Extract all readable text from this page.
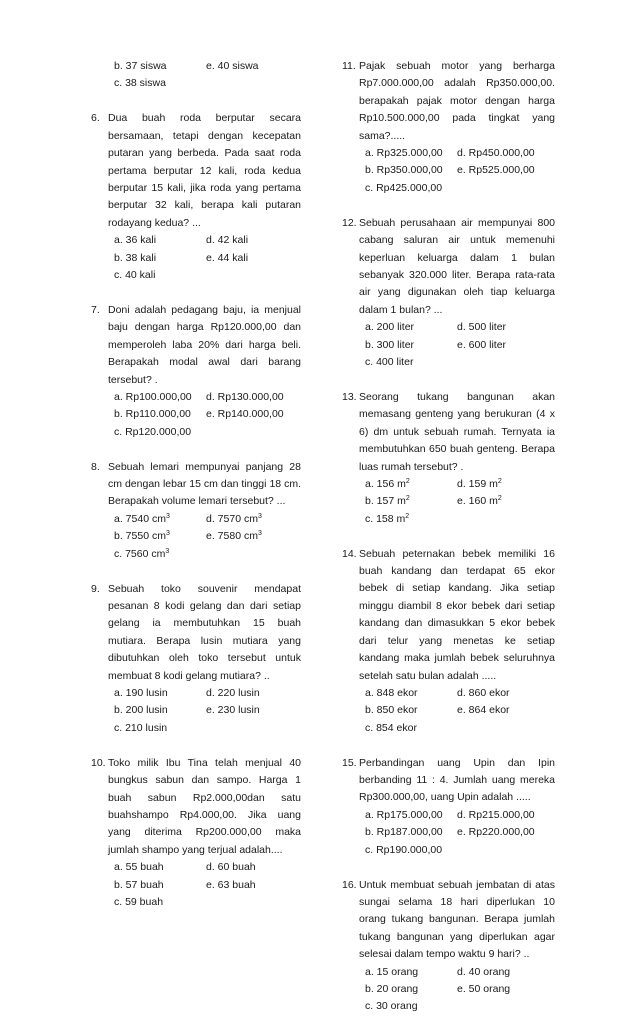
b. 37 siswa	e. 40 siswa
c. 38 siswa
6. Dua buah roda berputar secara bersamaan, tetapi dengan kecepatan putaran yang berbeda. Pada saat roda pertama berputar 12 kali, roda kedua berputar 15 kali, jika roda yang pertama berputar 32 kali, berapa kali putaran rodayang kedua? ...
a. 36 kali	d. 42 kali
b. 38 kali	e. 44 kali
c. 40 kali
7. Doni adalah pedagang baju, ia menjual baju dengan harga Rp120.000,00 dan memperoleh laba 20% dari harga beli. Berapakah modal awal dari barang tersebut? .
a. Rp100.000,00	d. Rp130.000,00
b. Rp110.000,00	e. Rp140.000,00
c. Rp120.000,00
8. Sebuah lemari mempunyai panjang 28 cm dengan lebar 15 cm dan tinggi 18 cm. Berapakah volume lemari tersebut? ...
a. 7540 $cm^3$	d. 7570 $cm^3$
b. 7550 $cm^3$	e. 7580 $cm^3$
c. 7560 $cm^3$
9. Sebuah toko souvenir mendapat pesanan 8 kodi gelang dan dari setiap gelang ia membutuhkan 15 buah mutiara. Berapa lusin mutiara yang dibutuhkan oleh toko tersebut untuk membuat 8 kodi gelang mutiara? ..
a. 190 lusin	d. 220 lusin
b. 200 lusin	e. 230 lusin
c. 210 lusin
10. Toko milik Ibu Tina telah menjual 40 bungkus sabun dan sampo. Harga 1 buah sabun Rp2.000,00dan satu buahshampo Rp4.000,00. Jika uang yang diterima Rp200.000,00 maka jumlah shampo yang terjual adalah....
a. 55 buah	d. 60 buah
b. 57 buah	e. 63 buah
c. 59 buah
11. Pajak sebuah motor yang berharga Rp7.000.000,00 adalah Rp350.000,00. berapakah pajak motor dengan harga Rp10.500.000,00 pada tingkat yang sama?.....
a. Rp325.000,00	d. Rp450.000,00
b. Rp350.000,00	e. Rp525.000,00
c. Rp425.000,00
12. Sebuah perusahaan air mempunyai 800 cabang saluran air untuk memenuhi keperluan keluarga dalam 1 bulan sebanyak 320.000 liter. Berapa rata-rata air yang digunakan oleh tiap keluarga dalam 1 bulan? ...
a. 200 liter	d. 500 liter
b. 300 liter	e. 600 liter
c. 400 liter
13. Seorang tukang bangunan akan memasang genteng yang berukuran (4 x 6) dm untuk sebuah rumah. Ternyata ia membutuhkan 650 buah genteng. Berapa luas rumah tersebut? .
a. 156 $m^2$	d. 159 $m^2$
b. 157 $m^2$	e. 160 $m^2$
c. 158 $m^2$
14. Sebuah peternakan bebek memiliki 16 buah kandang dan terdapat 65 ekor bebek di setiap kandang. Jika setiap minggu diambil 8 ekor bebek dari setiap kandang dan dimasukkan 5 ekor bebek dari telur yang menetas ke setiap kandang maka jumlah bebek seluruhnya setelah satu bulan adalah .....
a. 848 ekor	d. 860 ekor
b. 850 ekor	e. 864 ekor
c. 854 ekor
15. Perbandingan uang Upin dan Ipin berbanding 11 : 4. Jumlah uang mereka Rp300.000,00, uang Upin adalah .....
a. Rp175.000,00	d. Rp215.000,00
b. Rp187.000,00	e. Rp220.000,00
c. Rp190.000,00
16. Untuk membuat sebuah jembatan di atas sungai selama 18 hari diperlukan 10 orang tukang bangunan. Berapa jumlah tukang bangunan yang diperlukan agar selesai dalam tempo waktu 9 hari? ..
a. 15 orang	d. 40 orang
b. 20 orang	e. 50 orang
c. 30 orang
